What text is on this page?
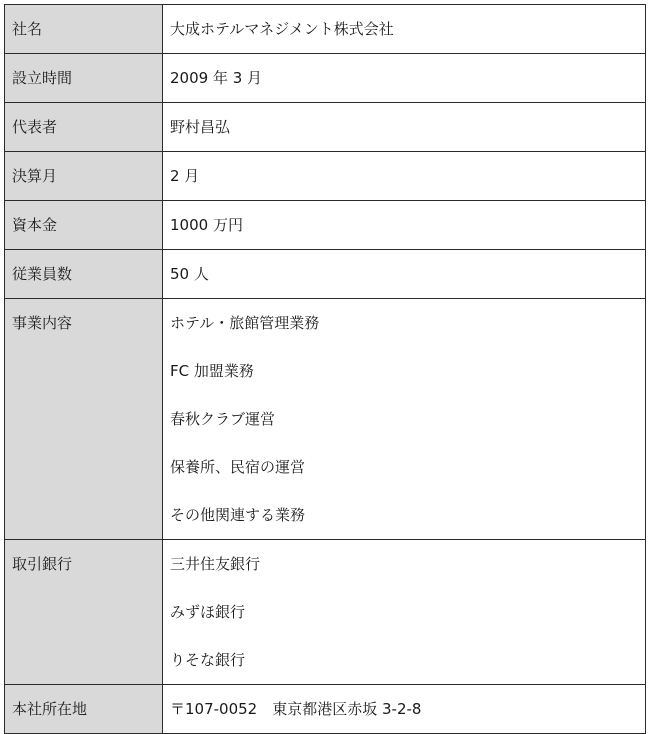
社名	大成ホテルマネジメント株式会社

設立時間	2009 年 3 月

代表者	野村昌弘

決算月	2 月

資本金	1000 万円

従業員数	50 人

事業内容	ホテル・旅館管理業務
FC 加盟業務
春秋クラブ運営
保養所、民宿の運営
その他関連する業務

取引銀行	三井住友銀行
みずほ銀行
りそな銀行

本社所在地	〒107-0052　東京都港区赤坂 3-2-8
